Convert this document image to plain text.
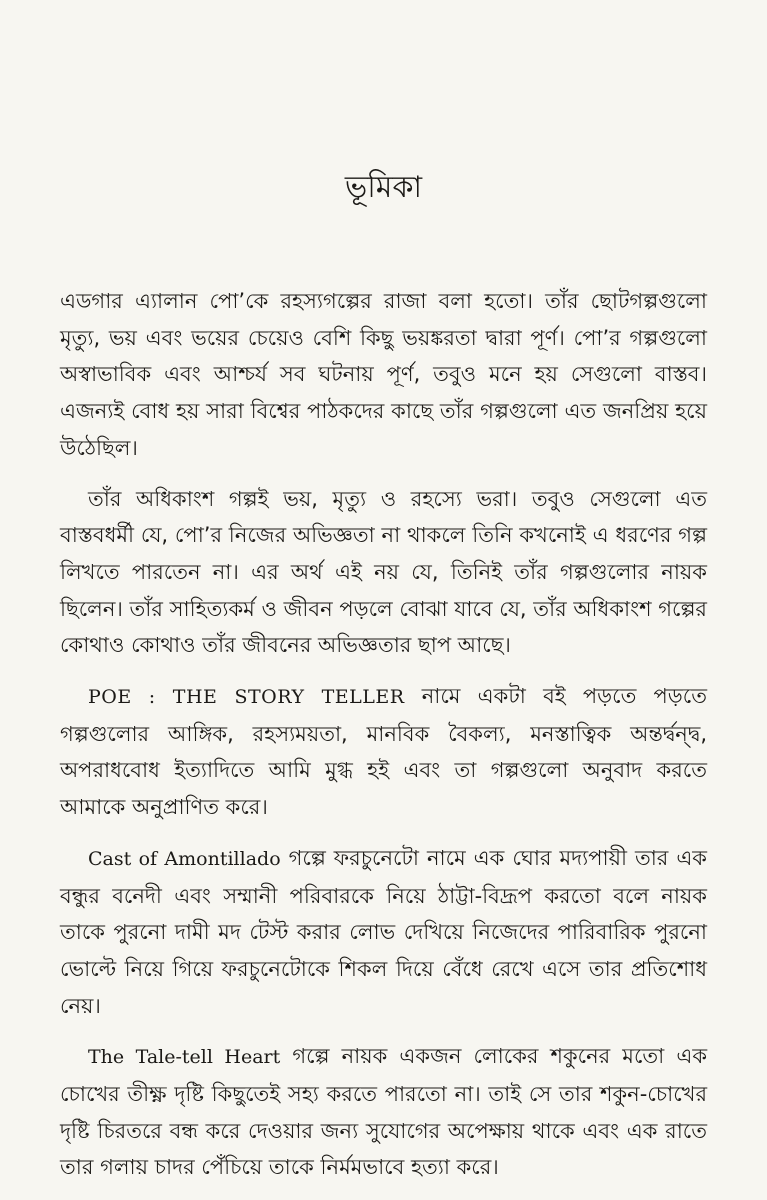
ভূমিকা

এডগার এ্যালান পো’কে রহস্যগল্পের রাজা বলা হতো। তাঁর ছোটগল্পগুলো মৃত্যু, ভয় এবং ভয়ের চেয়েও বেশি কিছু ভয়ঙ্করতা দ্বারা পূর্ণ। পো’র গল্পগুলো অস্বাভাবিক এবং আশ্চর্য সব ঘটনায় পূর্ণ, তবুও মনে হয় সেগুলো বাস্তব। এজন্যই বোধ হয় সারা বিশ্বের পাঠকদের কাছে তাঁর গল্পগুলো এত জনপ্রিয় হয়ে উঠেছিল।

তাঁর অধিকাংশ গল্পই ভয়, মৃত্যু ও রহস্যে ভরা। তবুও সেগুলো এত বাস্তবধর্মী যে, পো’র নিজের অভিজ্ঞতা না থাকলে তিনি কখনোই এ ধরণের গল্প লিখতে পারতেন না। এর অর্থ এই নয় যে, তিনিই তাঁর গল্পগুলোর নায়ক ছিলেন। তাঁর সাহিত্যকর্ম ও জীবন পড়লে বোঝা যাবে যে, তাঁর অধিকাংশ গল্পের কোথাও কোথাও তাঁর জীবনের অভিজ্ঞতার ছাপ আছে।

POE : THE STORY TELLER নামে একটা বই পড়তে পড়তে গল্পগুলোর আঙ্গিক, রহস্যময়তা, মানবিক বৈকল্য, মনস্তাত্বিক অন্তর্দ্বন্দ্ব, অপরাধবোধ ইত্যাদিতে আমি মুগ্ধ হই এবং তা গল্পগুলো অনুবাদ করতে আমাকে অনুপ্রাণিত করে।

Cast of Amontillado গল্পে ফরচুনেটো নামে এক ঘোর মদ্যপায়ী তার এক বন্ধুর বনেদী এবং সম্মানী পরিবারকে নিয়ে ঠাট্টা-বিদ্রূপ করতো বলে নায়ক তাকে পুরনো দামী মদ টেস্ট করার লোভ দেখিয়ে নিজেদের পারিবারিক পুরনো ভোল্টে নিয়ে গিয়ে ফরচুনেটোকে শিকল দিয়ে বেঁধে রেখে এসে তার প্রতিশোধ নেয়।

The Tale-tell Heart গল্পে নায়ক একজন লোকের শকুনের মতো এক চোখের তীক্ষ্ণ দৃষ্টি কিছুতেই সহ্য করতে পারতো না। তাই সে তার শকুন-চোখের দৃষ্টি চিরতরে বন্ধ করে দেওয়ার জন্য সুযোগের অপেক্ষায় থাকে এবং এক রাতে তার গলায় চাদর পেঁচিয়ে তাকে নির্মমভাবে হত্যা করে।
